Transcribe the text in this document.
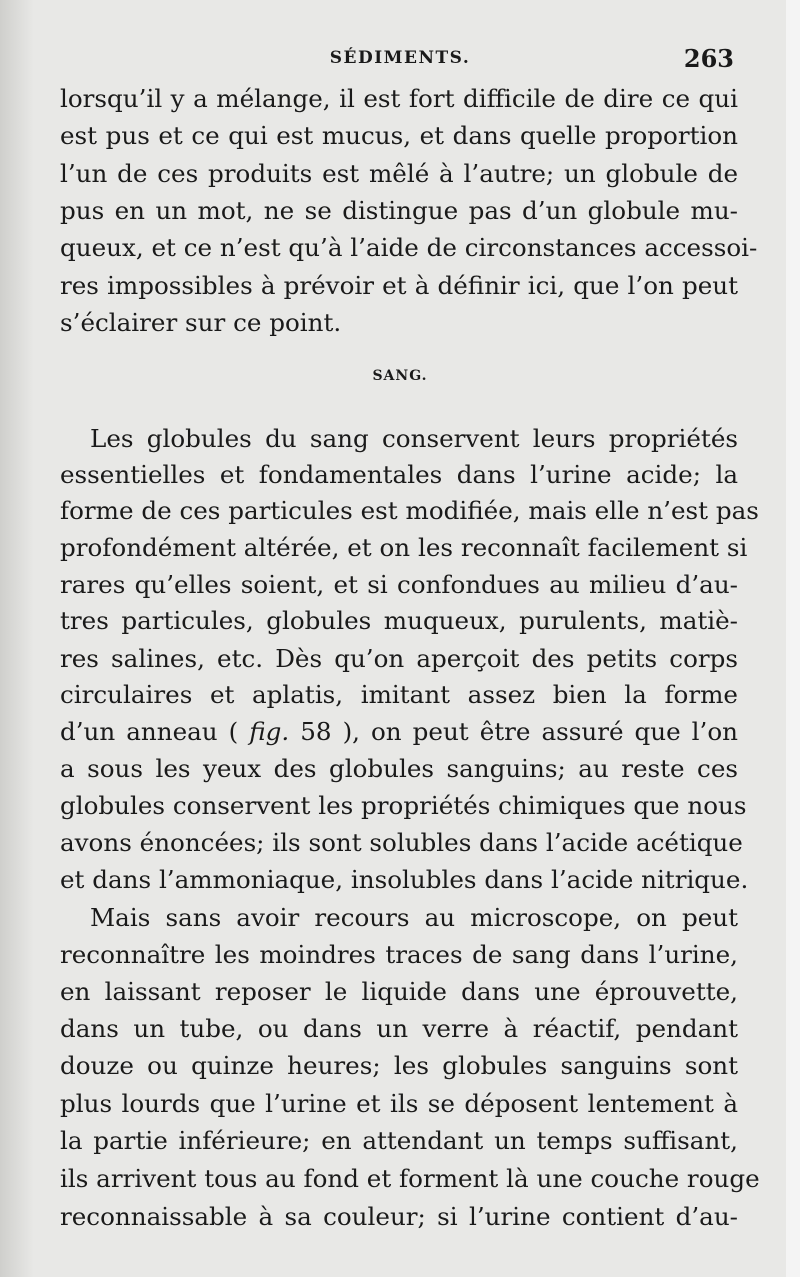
SÉDIMENTS.	263
lorsqu’il y a mélange, il est fort difficile de dire ce qui
est pus et ce qui est mucus, et dans quelle proportion
l’un de ces produits est mêlé à l’autre; un globule de
pus en un mot, ne se distingue pas d’un globule mu-
queux, et ce n’est qu’à l’aide de circonstances accessoi-
res impossibles à prévoir et à définir ici, que l’on peut
s’éclairer sur ce point.
SANG.
Les globules du sang conservent leurs propriétés
essentielles et fondamentales dans l’urine acide; la
forme de ces particules est modifiée, mais elle n’est pas
profondément altérée, et on les reconnaît facilement si
rares qu’elles soient, et si confondues au milieu d’au-
tres particules, globules muqueux, purulents, matiè-
res salines, etc. Dès qu’on aperçoit des petits corps
circulaires et aplatis, imitant assez bien la forme
d’un anneau ( fig. 58 ), on peut être assuré que l’on
a sous les yeux des globules sanguins; au reste ces
globules conservent les propriétés chimiques que nous
avons énoncées; ils sont solubles dans l’acide acétique
et dans l’ammoniaque, insolubles dans l’acide nitrique.
Mais sans avoir recours au microscope, on peut
reconnaître les moindres traces de sang dans l’urine,
en laissant reposer le liquide dans une éprouvette,
dans un tube, ou dans un verre à réactif, pendant
douze ou quinze heures; les globules sanguins sont
plus lourds que l’urine et ils se déposent lentement à
la partie inférieure; en attendant un temps suffisant,
ils arrivent tous au fond et forment là une couche rouge
reconnaissable à sa couleur; si l’urine contient d’au-
